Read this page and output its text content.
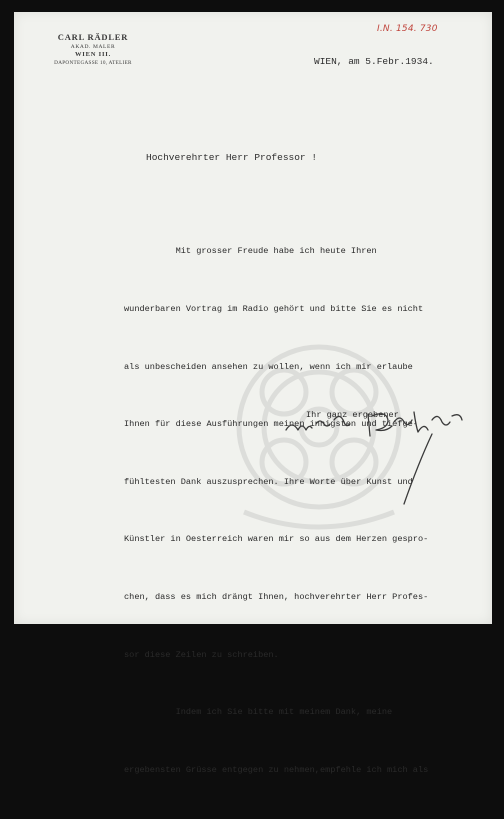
CARL RÄDLER
AKAD. MALER
WIEN III.
DAPONTEGASSE 10, ATELIER
I.N. 154. 730
WIEN, am 5.Febr.1934.
Hochverehrter Herr Professor !

Mit grosser Freude habe ich heute Ihren

wunderbaren Vortrag im Radio gehört und bitte Sie es nicht

als unbescheiden ansehen zu wollen, wenn ich mir erlaube

Ihnen für diese Ausführungen meinen innigsten und tiefge-

fühltesten Dank auszusprechen. Ihre Worte über Kunst und

Künstler in Oesterreich waren mir so aus dem Herzen gespro-

chen, dass es mich drängt Ihnen, hochverehrter Herr Profes-

sor diese Zeilen zu schreiben.

Indem ich Sie bitte mit meinem Dank, meine

ergebensten Grüsse entgegen zu nehmen,empfehle ich mich als

Ihr ganz ergebener
